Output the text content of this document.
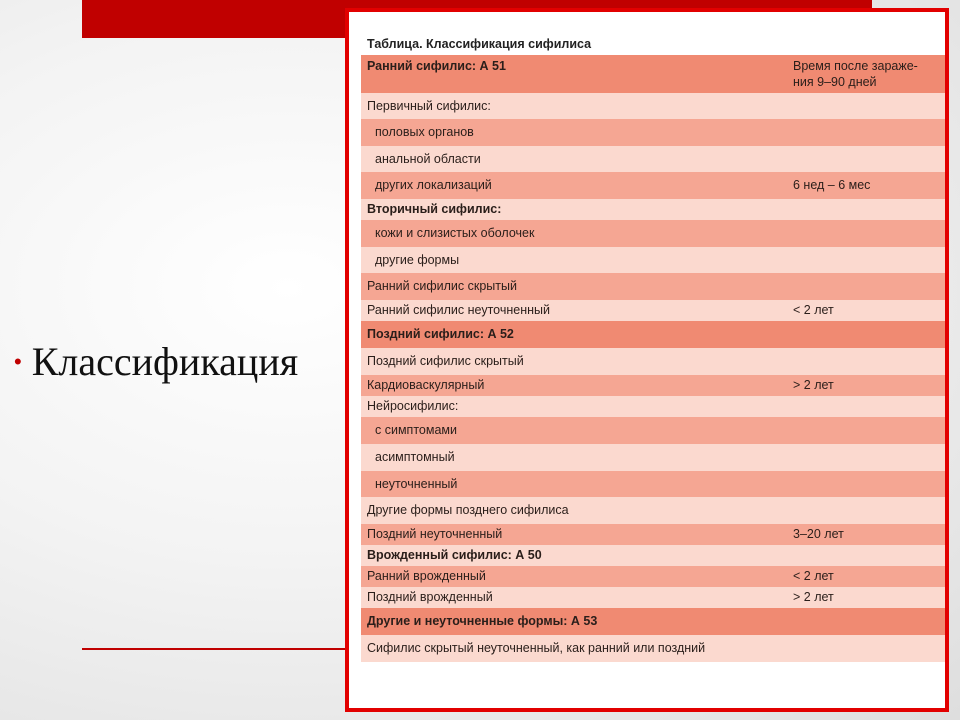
• Классификация
Таблица. Классификация сифилиса
Ранний сифилис: А 51	Время после зараже-
ния 9–90 дней
Первичный сифилис:
половых органов
анальной области
других локализаций	6 нед – 6 мес
Вторичный сифилис:
кожи и слизистых оболочек
другие формы
Ранний сифилис скрытый
Ранний сифилис неуточненный	< 2 лет
Поздний сифилис: А 52
Поздний сифилис скрытый
Кардиоваскулярный	> 2 лет
Нейросифилис:
с симптомами
асимптомный
неуточненный
Другие формы позднего сифилиса
Поздний неуточненный	3–20 лет
Врожденный сифилис: А 50
Ранний врожденный	< 2 лет
Поздний врожденный	> 2 лет
Другие и неуточненные формы: А 53
Сифилис скрытый неуточненный, как ранний или поздний
